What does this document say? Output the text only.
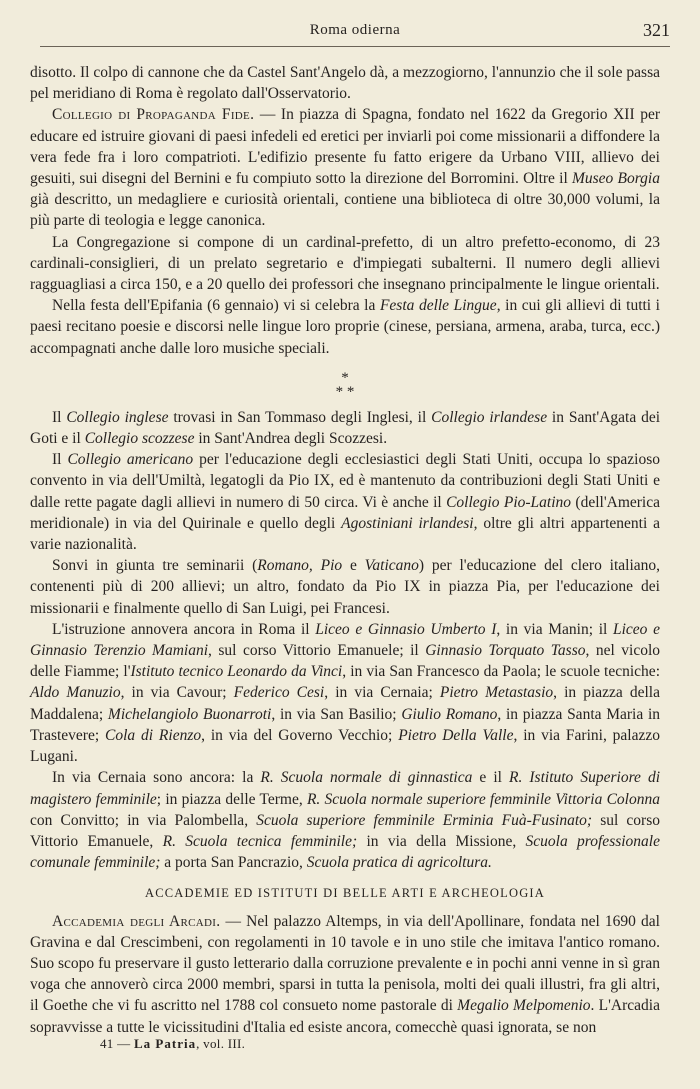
Roma odierna	321

disotto. Il colpo di cannone che da Castel Sant'Angelo dà, a mezzogiorno, l'annunzio che il sole passa pel meridiano di Roma è regolato dall'Osservatorio.

Collegio di Propaganda Fide. — In piazza di Spagna, fondato nel 1622 da Gregorio XII per educare ed istruire giovani di paesi infedeli ed eretici per inviarli poi come missionarii a diffondere la vera fede fra i loro compatrioti. L'edifizio presente fu fatto erigere da Urbano VIII, allievo dei gesuiti, sui disegni del Bernini e fu compiuto sotto la direzione del Borromini. Oltre il Museo Borgia già descritto, un medagliere e curiosità orientali, contiene una biblioteca di oltre 30,000 volumi, la più parte di teologia e legge canonica.

La Congregazione si compone di un cardinal-prefetto, di un altro prefetto-economo, di 23 cardinali-consiglieri, di un prelato segretario e d'impiegati subalterni. Il numero degli allievi ragguagliasi a circa 150, e a 20 quello dei professori che insegnano principalmente le lingue orientali.

Nella festa dell'Epifania (6 gennaio) vi si celebra la Festa delle Lingue, in cui gli allievi di tutti i paesi recitano poesie e discorsi nelle lingue loro proprie (cinese, persiana, armena, araba, turca, ecc.) accompagnati anche dalle loro musiche speciali.

*
* *

Il Collegio inglese trovasi in San Tommaso degli Inglesi, il Collegio irlandese in Sant'Agata dei Goti e il Collegio scozzese in Sant'Andrea degli Scozzesi.

Il Collegio americano per l'educazione degli ecclesiastici degli Stati Uniti, occupa lo spazioso convento in via dell'Umiltà, legatogli da Pio IX, ed è mantenuto da contribuzioni degli Stati Uniti e dalle rette pagate dagli allievi in numero di 50 circa. Vi è anche il Collegio Pio-Latino (dell'America meridionale) in via del Quirinale e quello degli Agostiniani irlandesi, oltre gli altri appartenenti a varie nazionalità.

Sonvi in giunta tre seminarii (Romano, Pio e Vaticano) per l'educazione del clero italiano, contenenti più di 200 allievi; un altro, fondato da Pio IX in piazza Pia, per l'educazione dei missionarii e finalmente quello di San Luigi, pei Francesi.

L'istruzione annovera ancora in Roma il Liceo e Ginnasio Umberto I, in via Manin; il Liceo e Ginnasio Terenzio Mamiani, sul corso Vittorio Emanuele; il Ginnasio Torquato Tasso, nel vicolo delle Fiamme; l'Istituto tecnico Leonardo da Vinci, in via San Francesco da Paola; le scuole tecniche: Aldo Manuzio, in via Cavour; Federico Cesi, in via Cernaia; Pietro Metastasio, in piazza della Maddalena; Michelangiolo Buonarroti, in via San Basilio; Giulio Romano, in piazza Santa Maria in Trastevere; Cola di Rienzo, in via del Governo Vecchio; Pietro Della Valle, in via Farini, palazzo Lugani.

In via Cernaia sono ancora: la R. Scuola normale di ginnastica e il R. Istituto Superiore di magistero femminile; in piazza delle Terme, R. Scuola normale superiore femminile Vittoria Colonna con Convitto; in via Palombella, Scuola superiore femminile Erminia Fuà-Fusinato; sul corso Vittorio Emanuele, R. Scuola tecnica femminile; in via della Missione, Scuola professionale comunale femminile; a porta San Pancrazio, Scuola pratica di agricoltura.

ACCADEMIE ED ISTITUTI DI BELLE ARTI E ARCHEOLOGIA

Accademia degli Arcadi. — Nel palazzo Altemps, in via dell'Apollinare, fondata nel 1690 dal Gravina e dal Crescimbeni, con regolamenti in 10 tavole e in uno stile che imitava l'antico romano. Suo scopo fu preservare il gusto letterario dalla corruzione prevalente e in pochi anni venne in sì gran voga che annoverò circa 2000 membri, sparsi in tutta la penisola, molti dei quali illustri, fra gli altri, il Goethe che vi fu ascritto nel 1788 col consueto nome pastorale di Megalio Melpomenio. L'Arcadia sopravvisse a tutte le vicissitudini d'Italia ed esiste ancora, comecchè quasi ignorata, se non

41 — La Patria, vol. III.
